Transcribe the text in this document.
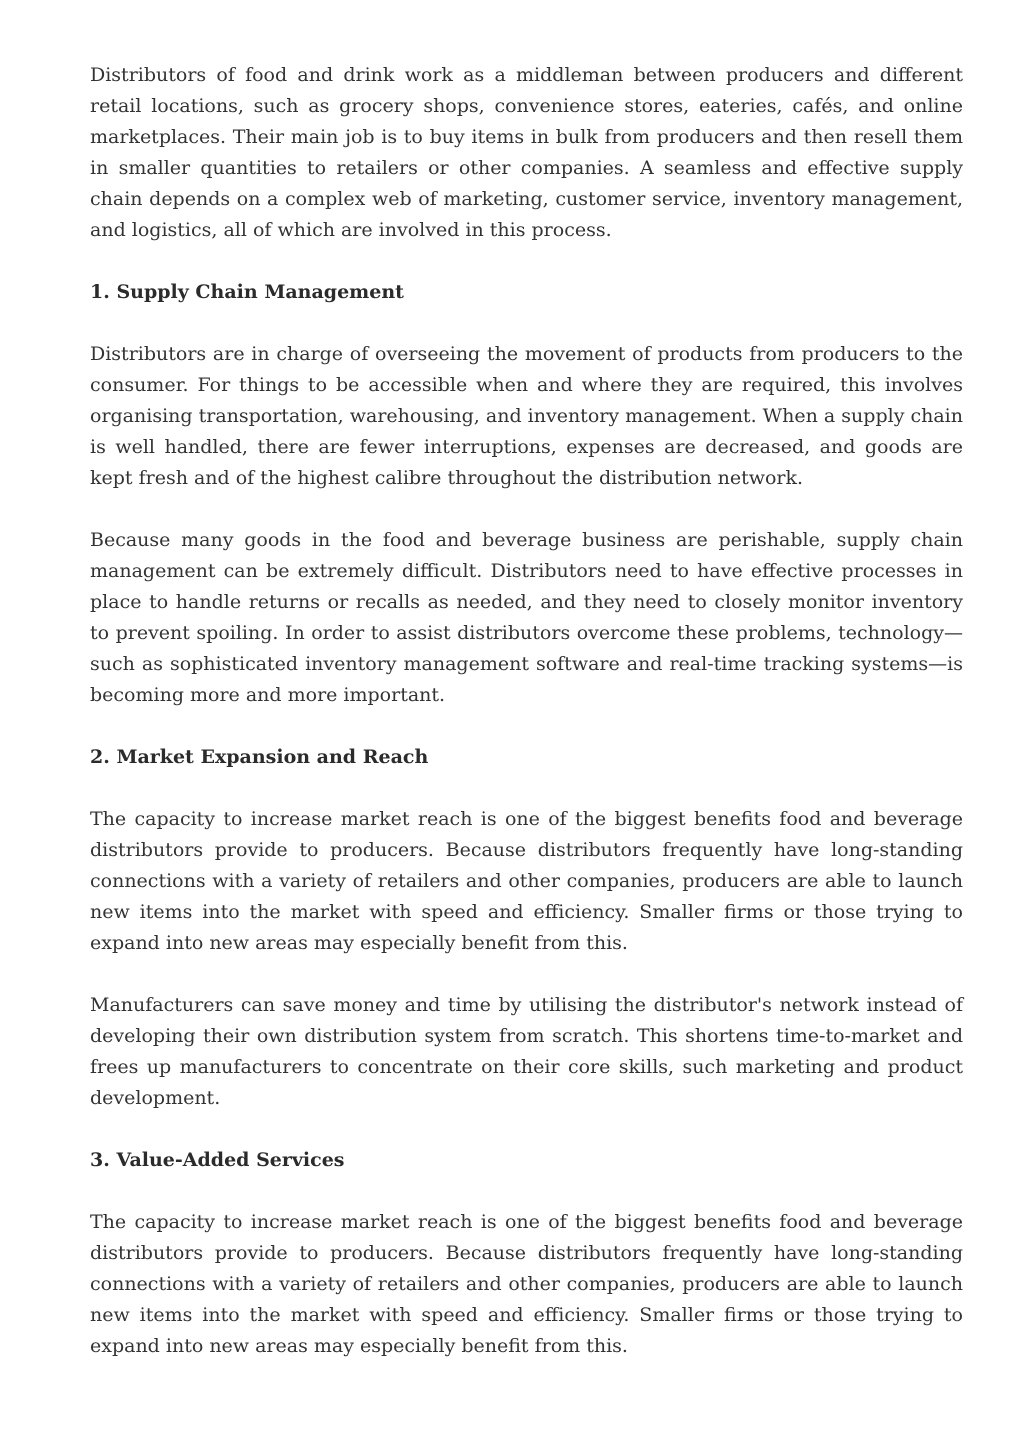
Distributors of food and drink work as a middleman between producers and different retail locations, such as grocery shops, convenience stores, eateries, cafés, and online marketplaces. Their main job is to buy items in bulk from producers and then resell them in smaller quantities to retailers or other companies. A seamless and effective supply chain depends on a complex web of marketing, customer service, inventory management, and logistics, all of which are involved in this process.

1. Supply Chain Management

Distributors are in charge of overseeing the movement of products from producers to the consumer. For things to be accessible when and where they are required, this involves organising transportation, warehousing, and inventory management. When a supply chain is well handled, there are fewer interruptions, expenses are decreased, and goods are kept fresh and of the highest calibre throughout the distribution network.

Because many goods in the food and beverage business are perishable, supply chain management can be extremely difficult. Distributors need to have effective processes in place to handle returns or recalls as needed, and they need to closely monitor inventory to prevent spoiling. In order to assist distributors overcome these problems, technology—such as sophisticated inventory management software and real-time tracking systems—is becoming more and more important.

2. Market Expansion and Reach

The capacity to increase market reach is one of the biggest benefits food and beverage distributors provide to producers. Because distributors frequently have long-standing connections with a variety of retailers and other companies, producers are able to launch new items into the market with speed and efficiency. Smaller firms or those trying to expand into new areas may especially benefit from this.

Manufacturers can save money and time by utilising the distributor's network instead of developing their own distribution system from scratch. This shortens time-to-market and frees up manufacturers to concentrate on their core skills, such marketing and product development.

3. Value-Added Services

The capacity to increase market reach is one of the biggest benefits food and beverage distributors provide to producers. Because distributors frequently have long-standing connections with a variety of retailers and other companies, producers are able to launch new items into the market with speed and efficiency. Smaller firms or those trying to expand into new areas may especially benefit from this.
